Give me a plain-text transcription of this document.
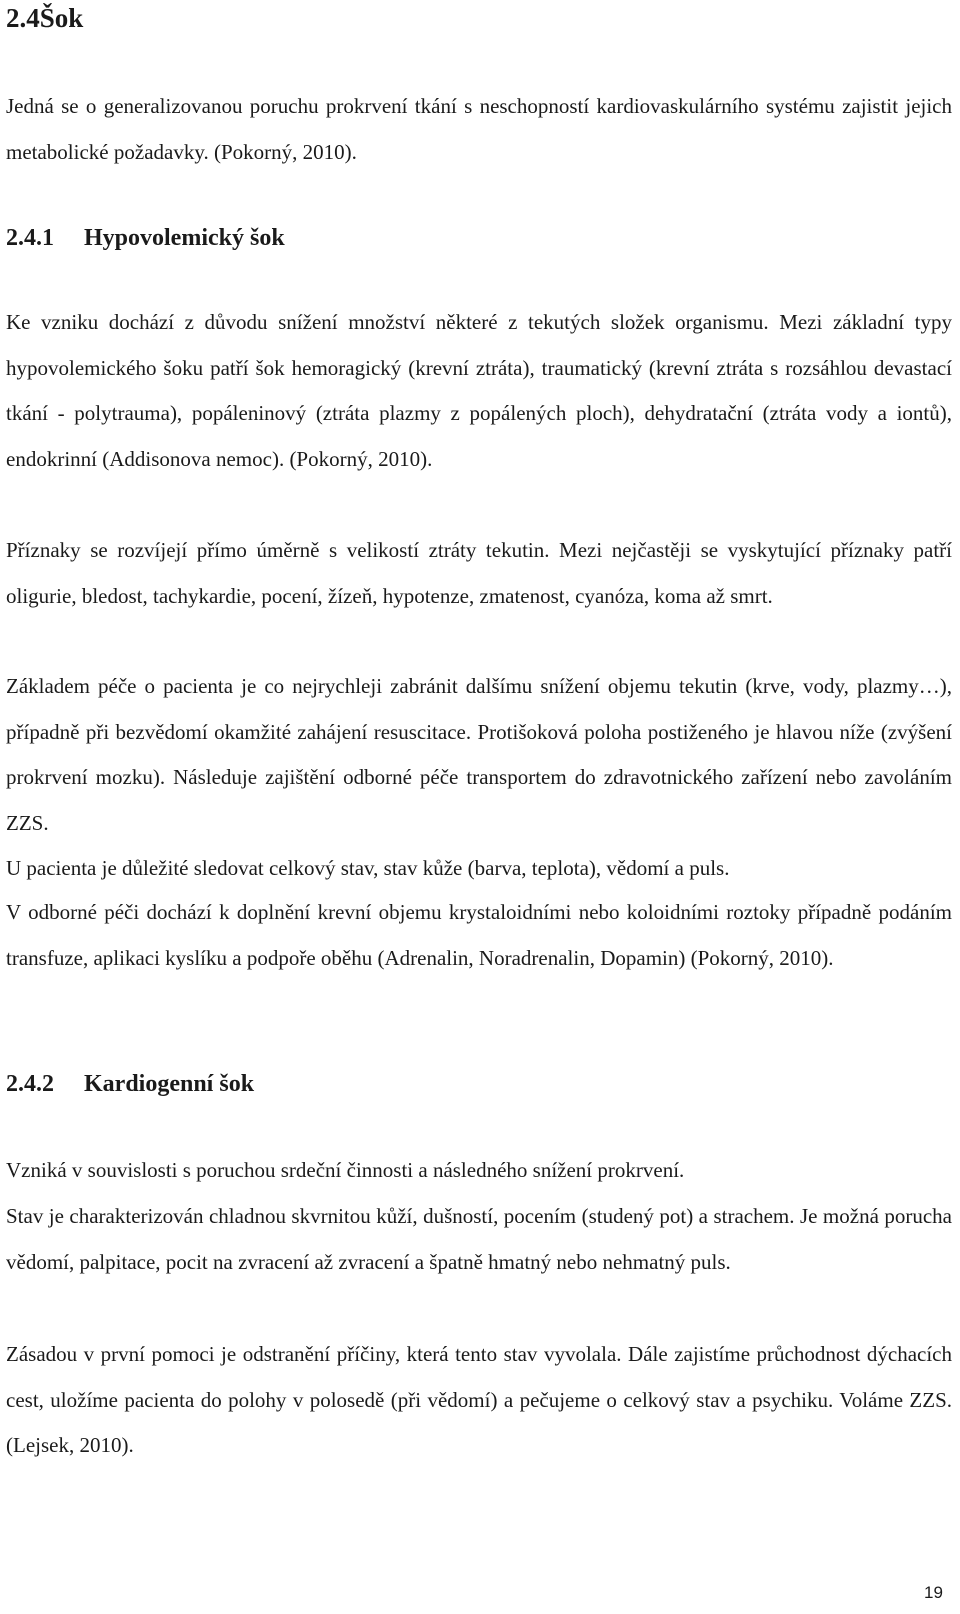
2.4Šok

Jedná se o generalizovanou poruchu prokrvení tkání s neschopností kardiovaskulárního systému zajistit jejich metabolické požadavky. (Pokorný, 2010).

2.4.1 Hypovolemický šok

Ke vzniku dochází z důvodu snížení množství některé z tekutých složek organismu. Mezi základní typy hypovolemického šoku patří šok hemoragický (krevní ztráta), traumatický (krevní ztráta s rozsáhlou devastací tkání - polytrauma), popáleninový (ztráta plazmy z popálených ploch), dehydratační (ztráta vody a iontů), endokrinní (Addisonova nemoc). (Pokorný, 2010).

Příznaky se rozvíjejí přímo úměrně s velikostí ztráty tekutin. Mezi nejčastěji se vyskytující příznaky patří oligurie, bledost, tachykardie, pocení, žízeň, hypotenze, zmatenost, cyanóza, koma až smrt.

Základem péče o pacienta je co nejrychleji zabránit dalšímu snížení objemu tekutin (krve, vody, plazmy…), případně při bezvědomí okamžité zahájení resuscitace. Protišoková poloha postiženého je hlavou níže (zvýšení prokrvení mozku). Následuje zajištění odborné péče transportem do zdravotnického zařízení nebo zavoláním ZZS.

U pacienta je důležité sledovat celkový stav, stav kůže (barva, teplota), vědomí a puls.

V odborné péči dochází k doplnění krevní objemu krystaloidními nebo koloidními roztoky případně podáním transfuze, aplikaci kyslíku a podpoře oběhu (Adrenalin, Noradrenalin, Dopamin) (Pokorný, 2010).

2.4.2 Kardiogenní šok

Vzniká v souvislosti s poruchou srdeční činnosti a následného snížení prokrvení.

Stav je charakterizován chladnou skvrnitou kůží, dušností, pocením (studený pot) a strachem. Je možná porucha vědomí, palpitace, pocit na zvracení až zvracení a špatně hmatný nebo nehmatný puls.

Zásadou v první pomoci je odstranění příčiny, která tento stav vyvolala. Dále zajistíme průchodnost dýchacích cest, uložíme pacienta do polohy v polosedě (při vědomí) a pečujeme o celkový stav a psychiku. Voláme ZZS. (Lejsek, 2010).

19
